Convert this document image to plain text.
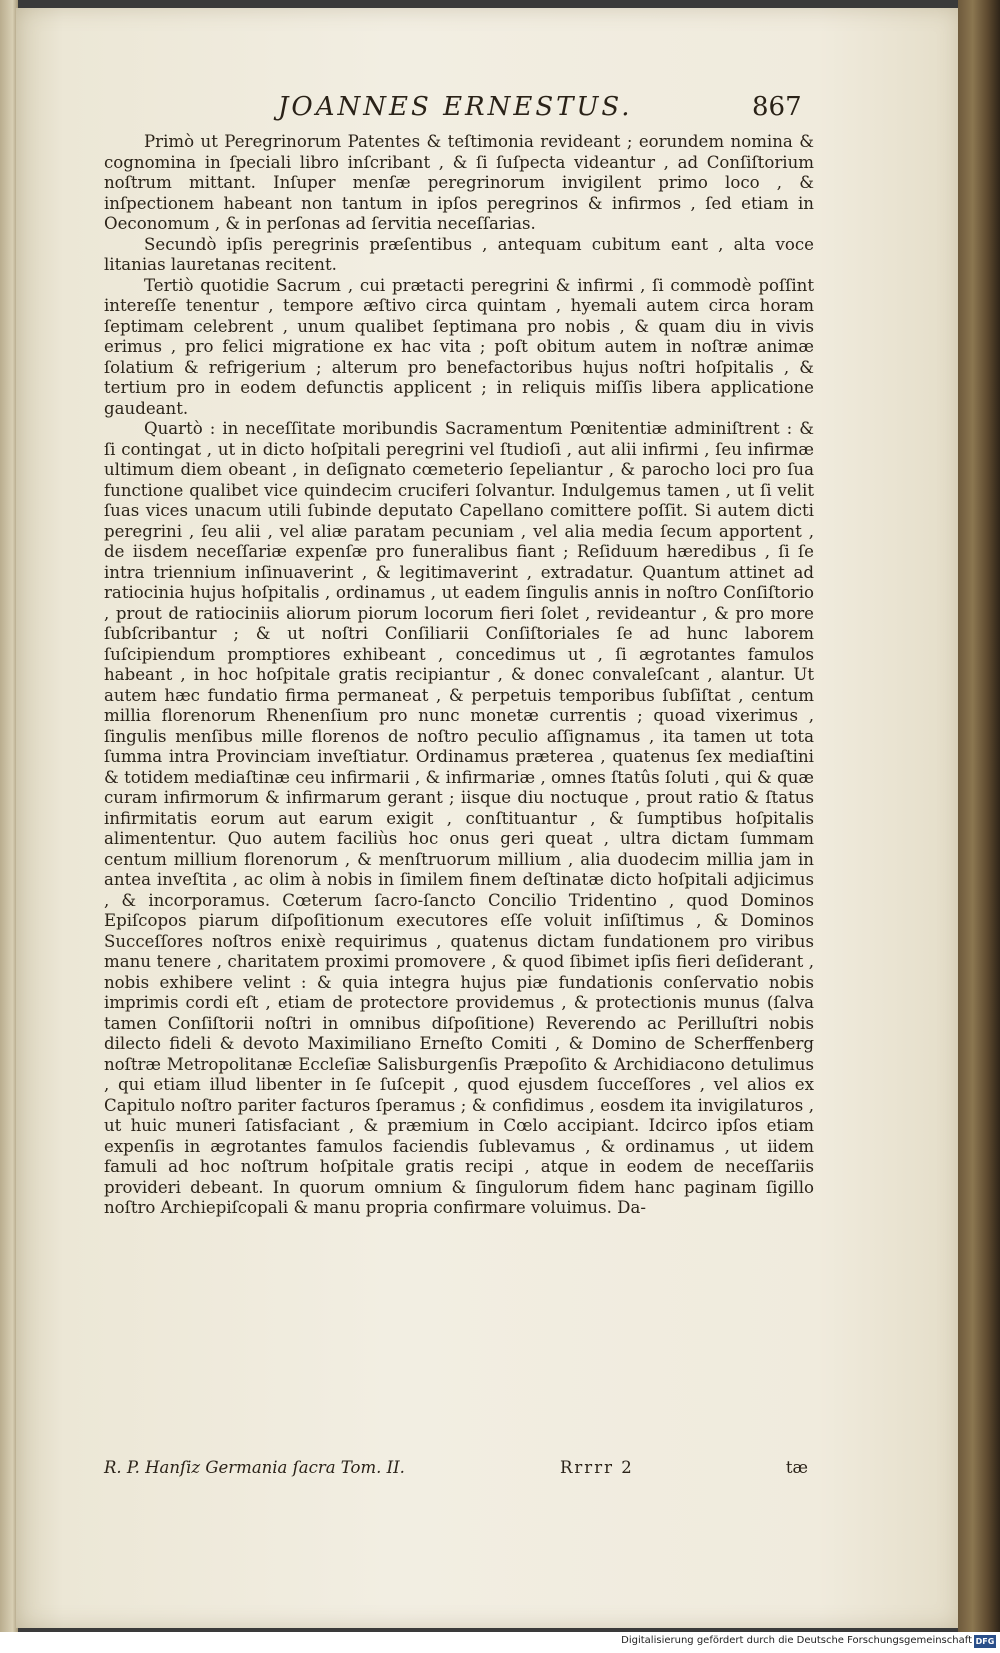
JOANNES ERNESTUS.	867

Primò ut Peregrinorum Patentes & teſtimonia revideant ; eorundem nomina & cognomina in ſpeciali libro inſcribant , & ſi ſuſpecta videantur , ad Conſiſtorium noſtrum mittant. Inſuper menſæ peregrinorum invigilent primo loco , & inſpectionem habeant non tantum in ipſos peregrinos & infirmos , ſed etiam in Oeconomum , & in perſonas ad ſervitia neceſſarias.

Secundò ipſis peregrinis præſentibus , antequam cubitum eant , alta voce litanias lauretanas recitent.

Tertiò quotidie Sacrum , cui prætacti peregrini & infirmi , ſi commodè poſſint intereſſe tenentur , tempore æſtivo circa quintam , hyemali autem circa horam ſeptimam celebrent , unum qualibet ſeptimana pro nobis , & quam diu in vivis erimus , pro felici migratione ex hac vita ; poſt obitum autem in noſtræ animæ ſolatium & refrigerium ; alterum pro benefactoribus hujus noſtri hoſpitalis , & tertium pro in eodem defunctis applicent ; in reliquis miſſis libera applicatione gaudeant.

Quartò : in neceſſitate moribundis Sacramentum Pœnitentiæ adminiſtrent : & ſi contingat , ut in dicto hoſpitali peregrini vel ſtudioſi , aut alii infirmi , ſeu infirmæ ultimum diem obeant , in deſignato cœmeterio ſepeliantur , & parocho loci pro ſua functione qualibet vice quindecim cruciferi ſolvantur. Indulgemus tamen , ut ſi velit ſuas vices unacum utili ſubinde deputato Capellano comittere poſſit. Si autem dicti peregrini , ſeu alii , vel aliæ paratam pecuniam , vel alia media ſecum apportent , de iisdem neceſſariæ expenſæ pro funeralibus fiant ; Reſiduum hæredibus , ſi ſe intra triennium inſinuaverint , & legitimaverint , extradatur. Quantum attinet ad ratiocinia hujus hoſpitalis , ordinamus , ut eadem ſingulis annis in noſtro Conſiſtorio , prout de ratiociniis aliorum piorum locorum fieri ſolet , revideantur , & pro more ſubſcribantur ; & ut noſtri Conſiliarii Conſiſtoriales ſe ad hunc laborem ſuſcipiendum promptiores exhibeant , concedimus ut , ſi ægrotantes famulos habeant , in hoc hoſpitale gratis recipiantur , & donec convaleſcant , alantur. Ut autem hæc fundatio firma permaneat , & perpetuis temporibus ſubſiſtat , centum millia florenorum Rhenenſium pro nunc monetæ currentis ; quoad vixerimus , ſingulis menſibus mille florenos de noſtro peculio aſſignamus , ita tamen ut tota ſumma intra Provinciam inveſtiatur. Ordinamus præterea , quatenus ſex mediaſtini & totidem mediaſtinæ ceu infirmarii , & infirmariæ , omnes ſtatûs ſoluti , qui & quæ curam infirmorum & infirmarum gerant ; iisque diu noctuque , prout ratio & ſtatus infirmitatis eorum aut earum exigit , conſtituantur , & ſumptibus hoſpitalis alimententur. Quo autem faciliùs hoc onus geri queat , ultra dictam ſummam centum millium florenorum , & menſtruorum millium , alia duodecim millia jam in antea inveſtita , ac olim à nobis in ſimilem finem deſtinatæ dicto hoſpitali adjicimus , & incorporamus. Cœterum ſacro-ſancto Concilio Tridentino , quod Dominos Epiſcopos piarum diſpoſitionum executores eſſe voluit inſiſtimus , & Dominos Succeſſores noſtros enixè requirimus , quatenus dictam fundationem pro viribus manu tenere , charitatem proximi promovere , & quod ſibimet ipſis fieri deſiderant , nobis exhibere velint : & quia integra hujus piæ fundationis conſervatio nobis imprimis cordi eſt , etiam de protectore providemus , & protectionis munus (ſalva tamen Conſiſtorii noſtri in omnibus diſpoſitione) Reverendo ac Perilluſtri nobis dilecto fideli & devoto Maximiliano Erneſto Comiti , & Domino de Scherffenberg noſtræ Metropolitanæ Eccleſiæ Salisburgenſis Præpoſito & Archidiacono detulimus , qui etiam illud libenter in ſe ſuſcepit , quod ejusdem ſucceſſores , vel alios ex Capitulo noſtro pariter facturos ſperamus ; & confidimus , eosdem ita invigilaturos , ut huic muneri ſatisfaciant , & præmium in Cœlo accipiant. Idcirco ipſos etiam expenſis in ægrotantes famulos faciendis ſublevamus , & ordinamus , ut iidem famuli ad hoc noſtrum hoſpitale gratis recipi , atque in eodem de neceſſariis provideri debeant. In quorum omnium & ſingulorum fidem hanc paginam ſigillo noſtro Archiepiſcopali & manu propria confirmare voluimus. Da-

R. P. Hanſiz Germania ſacra Tom. II.	Rrrrr 2	tæ
Digitalisierung gefördert durch die Deutsche Forschungsgemeinschaft DFG
